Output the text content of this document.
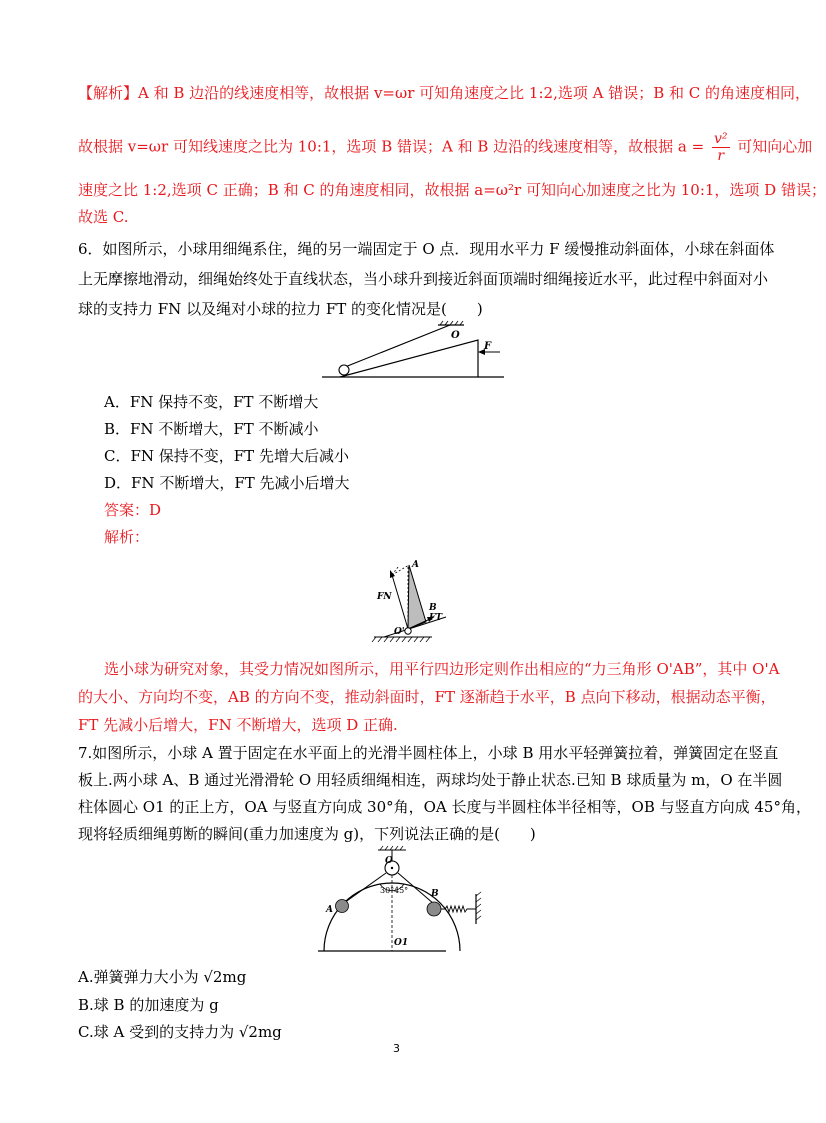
【解析】A 和 B 边沿的线速度相等，故根据 v=ωr 可知角速度之比 1:2,选项 A 错误；B 和 C 的角速度相同，
故根据 v=ωr 可知线速度之比为 10:1，选项 B 错误；A 和 B 边沿的线速度相等，故根据 $a = \frac{\text{v²}}{r}$ 可知向心加
速度之比 1:2,选项 C 正确；B 和 C 的角速度相同，故根据 a=ω²r 可知向心加速度之比为 10:1，选项 D 错误；
故选 C.
6．如图所示，小球用细绳系住，绳的另一端固定于 O 点．现用水平力 F 缓慢推动斜面体，小球在斜面体
上无摩擦地滑动，细绳始终处于直线状态，当小球升到接近斜面顶端时细绳接近水平，此过程中斜面对小
球的支持力 FN 以及绳对小球的拉力 FT 的变化情况是(　　)
O
F
A．FN 保持不变，FT 不断增大
B．FN 不断增大，FT 不断减小
C．FN 保持不变，FT 先增大后减小
D．FN 不断增大，FT 先减小后增大
答案：D
解析：
A
B
FN
FT
O'
选小球为研究对象，其受力情况如图所示，用平行四边形定则作出相应的“力三角形 O'AB”，其中 O'A
的大小、方向均不变，AB 的方向不变，推动斜面时，FT 逐渐趋于水平，B 点向下移动，根据动态平衡，
FT 先减小后增大，FN 不断增大，选项 D 正确.
7.如图所示，小球 A 置于固定在水平面上的光滑半圆柱体上，小球 B 用水平轻弹簧拉着，弹簧固定在竖直
板上.两小球 A、B 通过光滑滑轮 O 用轻质细绳相连，两球均处于静止状态.已知 B 球质量为 m，O 在半圆
柱体圆心 O1 的正上方，OA 与竖直方向成 30°角，OA 长度与半圆柱体半径相等，OB 与竖直方向成 45°角，
现将轻质细绳剪断的瞬间(重力加速度为 g)，下列说法正确的是(　　)
O
A
B
30° 45°
O1
A.弹簧弹力大小为 √2mg
B.球 B 的加速度为 g
C.球 A 受到的支持力为 √2mg
3
